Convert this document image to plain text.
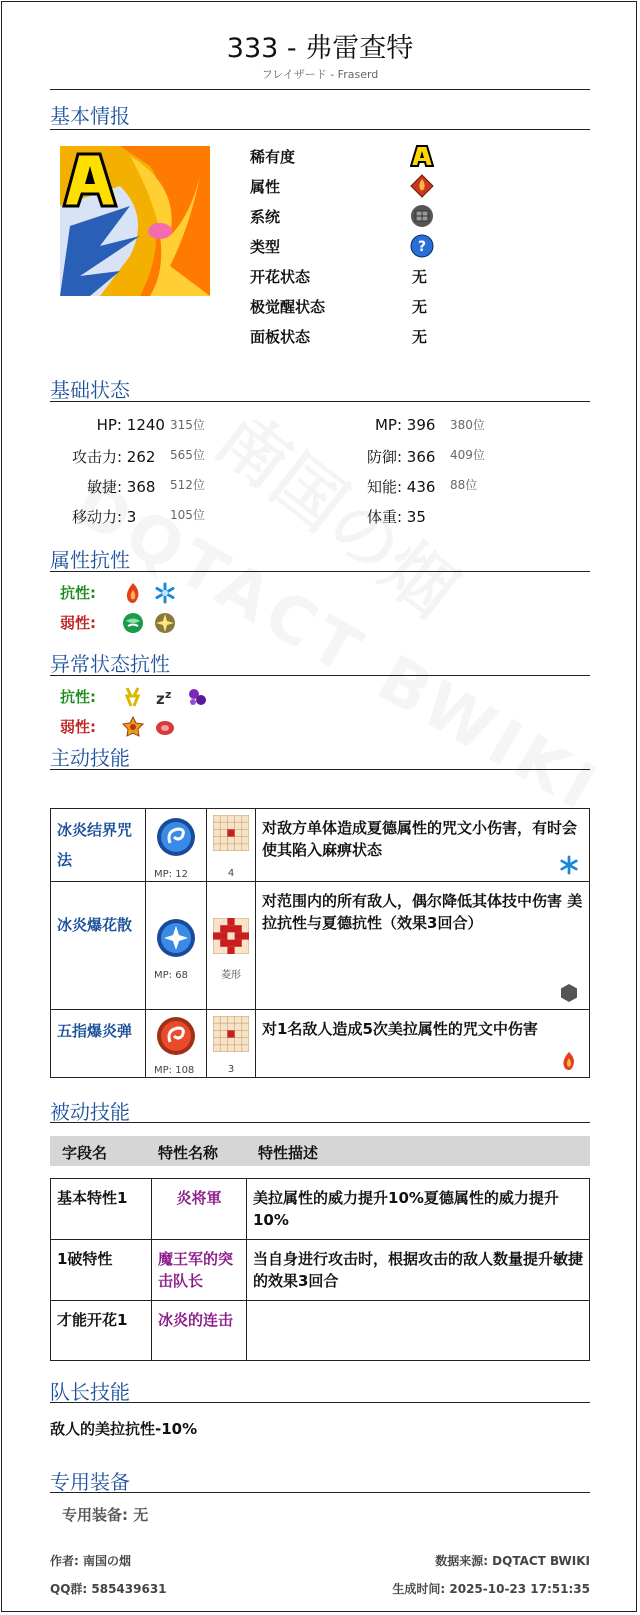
333 - 弗雷查特
フレイザード - Fraserd
基本情报
稀有度
属性
系统
类型	?
开花状态	无
极觉醒状态	无
面板状态	无
基础状态
HP: 1240 315位	MP: 396 380位
攻击力: 262 565位	防御: 366 409位
敏捷: 368 512位	知能: 436 88位
移动力: 3	105位	体重: 35
属性抗性
抗性:
弱性:
异常状态抗性
抗性:	z z
弱性:
主动技能
冰炎结界咒法	MP: 12	4	对敌方单体造成夏德属性的咒文小伤害，有时会使其陷入麻痹状态

冰炎爆花散	MP: 68	菱形	对范围内的所有敌人，偶尔降低其体技中伤害 美拉抗性与夏德抗性（效果3回合）

五指爆炎弹	MP: 108	3	对1名敌人造成5次美拉属性的咒文中伤害
被动技能
字段名	特性名称	特性描述
基本特性1	炎将軍	美拉属性的威力提升10%夏德属性的威力提升10%
1破特性	魔王军的突击队长	当自身进行攻击时，根据攻击的敌人数量提升敏捷的效果3回合
才能开花1	冰炎的连击	
队长技能
敌人的美拉抗性-10%
专用装备
专用装备: 无
作者: 南国の烟
QQ群: 585439631
数据来源: DQTACT BWIKI
生成时间: 2025-10-23 17:51:35
